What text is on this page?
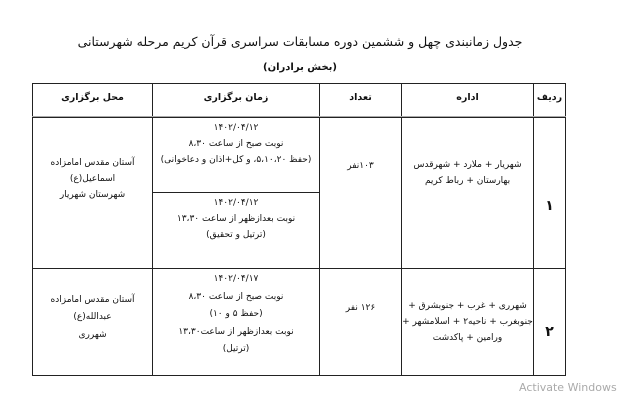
جدول زمانبندی چهل و ششمین دوره مسابقات سراسری قرآن کریم مرحله شهرستانی
(بخش برادران)
ردیف
اداره
تعداد
زمان برگزاری
محل برگزاری
۱
شهریار + ملارد + شهرقدس
بهارستان + رباط کریم
۱۰۳نفر
۱۴۰۲/۰۴/۱۲
نوبت صبح از ساعت ۸،۳۰
(حفظ ۵،۱۰،۲۰، و کل+اذان و دعاخوانی)
۱۴۰۲/۰۴/۱۲
نوبت بعدازظهر از ساعت ۱۳،۳۰
(ترتیل و تحقیق)
آستان مقدس امامزاده
اسماعیل(ع)
شهرستان شهریار
۲
شهرری + غرب + جنوبشرق +
جنوبغرب + ناحیه۲ + اسلامشهر +
ورامین + پاکدشت
۱۲۶ نفر
۱۴۰۲/۰۴/۱۷
نوبت صبح از ساعت ۸،۳۰
(حفظ ۵ و ۱۰)
نوبت بعدازظهر از ساعت۱۳،۳۰
(ترتیل)
آستان مقدس امامزاده
عبدالله(ع)
شهرری
Activate Windows
